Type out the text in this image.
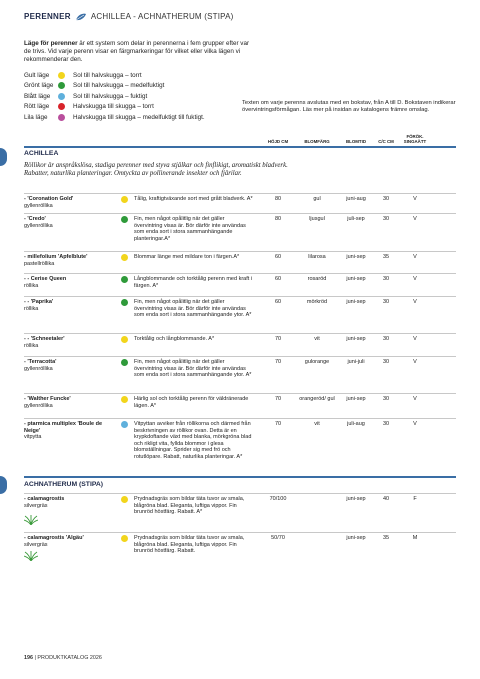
PERENNER	ACHILLEA - ACHNATHERUM (STIPA)
Läge för perenner är ett system som delar in perennerna i fem grupper efter var de trivs. Vid varje perenn visar en färgmarkeringar för vilket eller vilka lägen vi rekommenderar den.
Gult läge	Sol till halvskugga – torrt
Grönt läge	Sol till halvskugga – medelfuktigt
Blått läge	Sol till halvskugga – fuktigt
Rött läge	Halvskugga till skugga – torrt
Lila läge	Halvskugga till skugga – medelfuktigt till fuktigt.
Texten om varje perenns avslutas med en bokstav, från A till D. Bokstaven indikerar övervintringsförmågan. Läs mer på insidan av katalogens främre omslag.
HÖJD CM	BLOMFÄRG	BLOMTID	C/C CM
FÖRÖK.
SINGAÄTT
ACHILLEA
Röllikor är anspråkslösa, stadiga perenner med styva stjälkar och finflikigt, aromatiskt bladverk. Rabatter, naturlika planteringar. Omtyckta av pollinerande insekter och fjärilar.
- 'Coronation Gold'
gyllenröllika
Tålig, kraftigtväxande sort med grått bladverk. A*	80	gul	juni-aug	30	V
- 'Credo'
gyllenröllika
Fin, men något opålitlig när det gäller övervintring visas är. Bör därför inte användas som enda sort i stora sammanhängande planteringar.A*
80	ljusgul	juli-sep	30	V
- millefolium 'Apfelblute'
pastellröllika
Blommar länge med mildare ton i färgen.A*	60	lilarosa	juni-sep	35	V
- - Cerise Queen
röllika
Långblommande och torktålig perenn med kraft i färgen. A*
60	rosaröd	juni-sep	30	V
- - 'Paprika'
röllika
Fin, men något opålitlig när det gäller övervintring visas är. Bör därför inte användas som enda sort i stora sammanhängande ytor. A*
60	mörkröd	juni-sep	30	V
- - 'Schneetaler'
röllika
Torktålig och långblommande. A*	70	vit	juni-sep	30	V
- 'Terracotta'
gyllenröllika
Fin, men något opålitlig när det gäller övervintring visas är. Bör därför inte användas som enda sort i stora sammanhängande ytor. A*
70	gulorange	juni-juli	30	V
- 'Walther Funcke'
gyllenröllika
Härlig sol och torktålig perenn för väldränerade lägen. A*
70	orangeröd/ gul	juni-sep	30	V
- ptarmica multiplex 'Boule de Neige'
vitpytta
Vitpyttan avviker från röllikorna och därmed från beskrivningen av röllikor ovan. Detta är en krypkdoftande växt med blanka, mörkgröna blad och rikligt vita, fyllda blommor i glesa blomställningar. Sprider sig med frö och rotutlöpare. Rabatt, naturlika planteringar. A*
70	vit	juli-aug	30	V
ACHNATHERUM (STIPA)
- calamagrostis
silvergräs
Prydnadsgräs som bildar täta tuvor av smala, blågröna blad. Eleganta, luftiga vippor. Fin brunröd höstfärg. Rabatt. A*
70/100	juni-sep	40	F
- calamagrostis 'Algäu'
silvergräs
Prydnadsgräs som bildar täta tuvor av smala, blågröna blad. Eleganta, luftiga vippor. Fin brunröd höstfärg. Rabatt.
50/70	juni-sep	35	M
196 | PRODUKTKATALOG 2026
